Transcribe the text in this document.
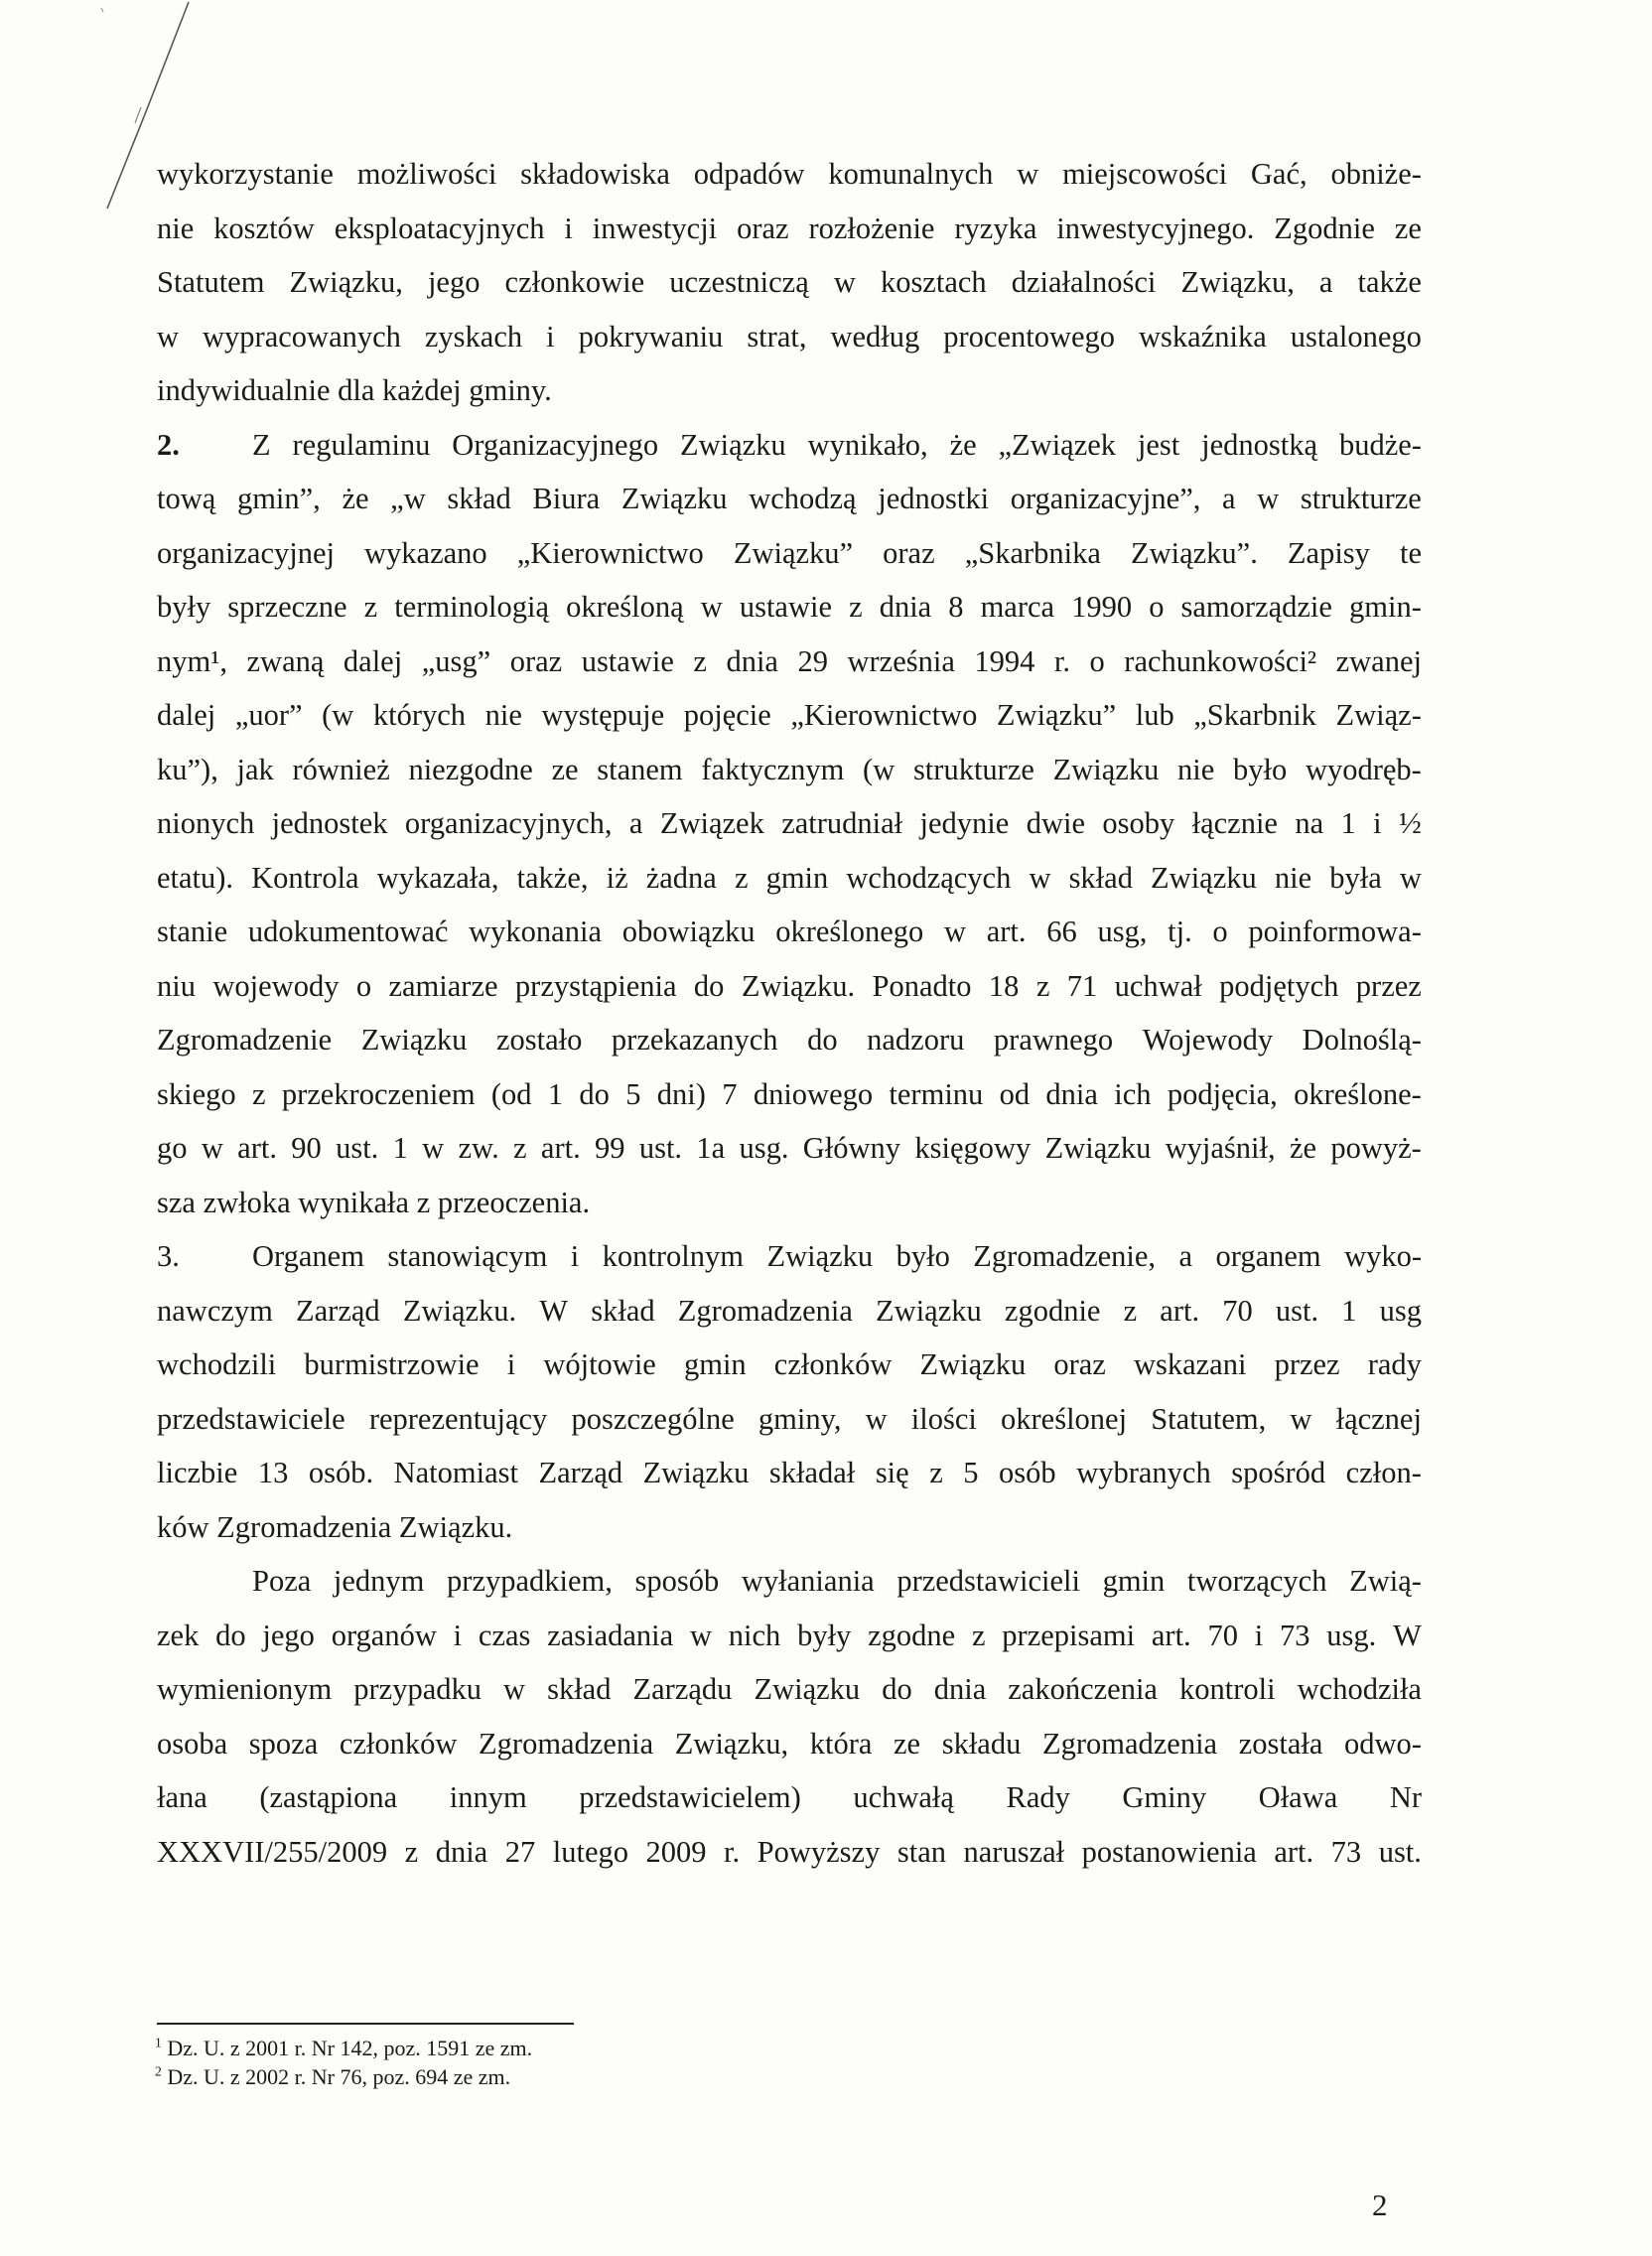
wykorzystanie możliwości składowiska odpadów komunalnych w miejscowości Gać, obniże-
nie kosztów eksploatacyjnych i inwestycji oraz rozłożenie ryzyka inwestycyjnego. Zgodnie ze
Statutem Związku, jego członkowie uczestniczą w kosztach działalności Związku, a także
w wypracowanych zyskach i pokrywaniu strat, według procentowego wskaźnika ustalonego
indywidualnie dla każdej gminy.
2.	Z regulaminu Organizacyjnego Związku wynikało, że „Związek jest jednostką budże-
tową gmin”, że „w skład Biura Związku wchodzą jednostki organizacyjne”, a w strukturze
organizacyjnej wykazano „Kierownictwo Związku” oraz „Skarbnika Związku”. Zapisy te
były sprzeczne z terminologią określoną w ustawie z dnia 8 marca 1990 o samorządzie gmin-
nym¹, zwaną dalej „usg” oraz ustawie z dnia 29 września 1994 r. o rachunkowości² zwanej
dalej „uor” (w których nie występuje pojęcie „Kierownictwo Związku” lub „Skarbnik Związ-
ku”), jak również niezgodne ze stanem faktycznym (w strukturze Związku nie było wyodręb-
nionych jednostek organizacyjnych, a Związek zatrudniał jedynie dwie osoby łącznie na 1 i ½
etatu). Kontrola wykazała, także, iż żadna z gmin wchodzących w skład Związku nie była w
stanie udokumentować wykonania obowiązku określonego w art. 66 usg, tj. o poinformowa-
niu wojewody o zamiarze przystąpienia do Związku. Ponadto 18 z 71 uchwał podjętych przez
Zgromadzenie Związku zostało przekazanych do nadzoru prawnego Wojewody Dolnoślą-
skiego z przekroczeniem (od 1 do 5 dni) 7 dniowego terminu od dnia ich podjęcia, określone-
go w art. 90 ust. 1 w zw. z art. 99 ust. 1a usg. Główny księgowy Związku wyjaśnił, że powyż-
sza zwłoka wynikała z przeoczenia.
3.	Organem stanowiącym i kontrolnym Związku było Zgromadzenie, a organem wyko-
nawczym Zarząd Związku. W skład Zgromadzenia Związku zgodnie z art. 70 ust. 1 usg
wchodzili burmistrzowie i wójtowie gmin członków Związku oraz wskazani przez rady
przedstawiciele reprezentujący poszczególne gminy, w ilości określonej Statutem, w łącznej
liczbie 13 osób. Natomiast Zarząd Związku składał się z 5 osób wybranych spośród człon-
ków Zgromadzenia Związku.
Poza jednym przypadkiem, sposób wyłaniania przedstawicieli gmin tworzących Zwią-
zek do jego organów i czas zasiadania w nich były zgodne z przepisami art. 70 i 73 usg. W
wymienionym przypadku w skład Zarządu Związku do dnia zakończenia kontroli wchodziła
osoba spoza członków Zgromadzenia Związku, która ze składu Zgromadzenia została odwo-
łana (zastąpiona innym przedstawicielem) uchwałą Rady Gminy Oława Nr
XXXVII/255/2009 z dnia 27 lutego 2009 r. Powyższy stan naruszał postanowienia art. 73 ust.
$^1$ Dz. U. z 2001 r. Nr 142, poz. 1591 ze zm.
$^2$ Dz. U. z 2002 r. Nr 76, poz. 694 ze zm.
2
